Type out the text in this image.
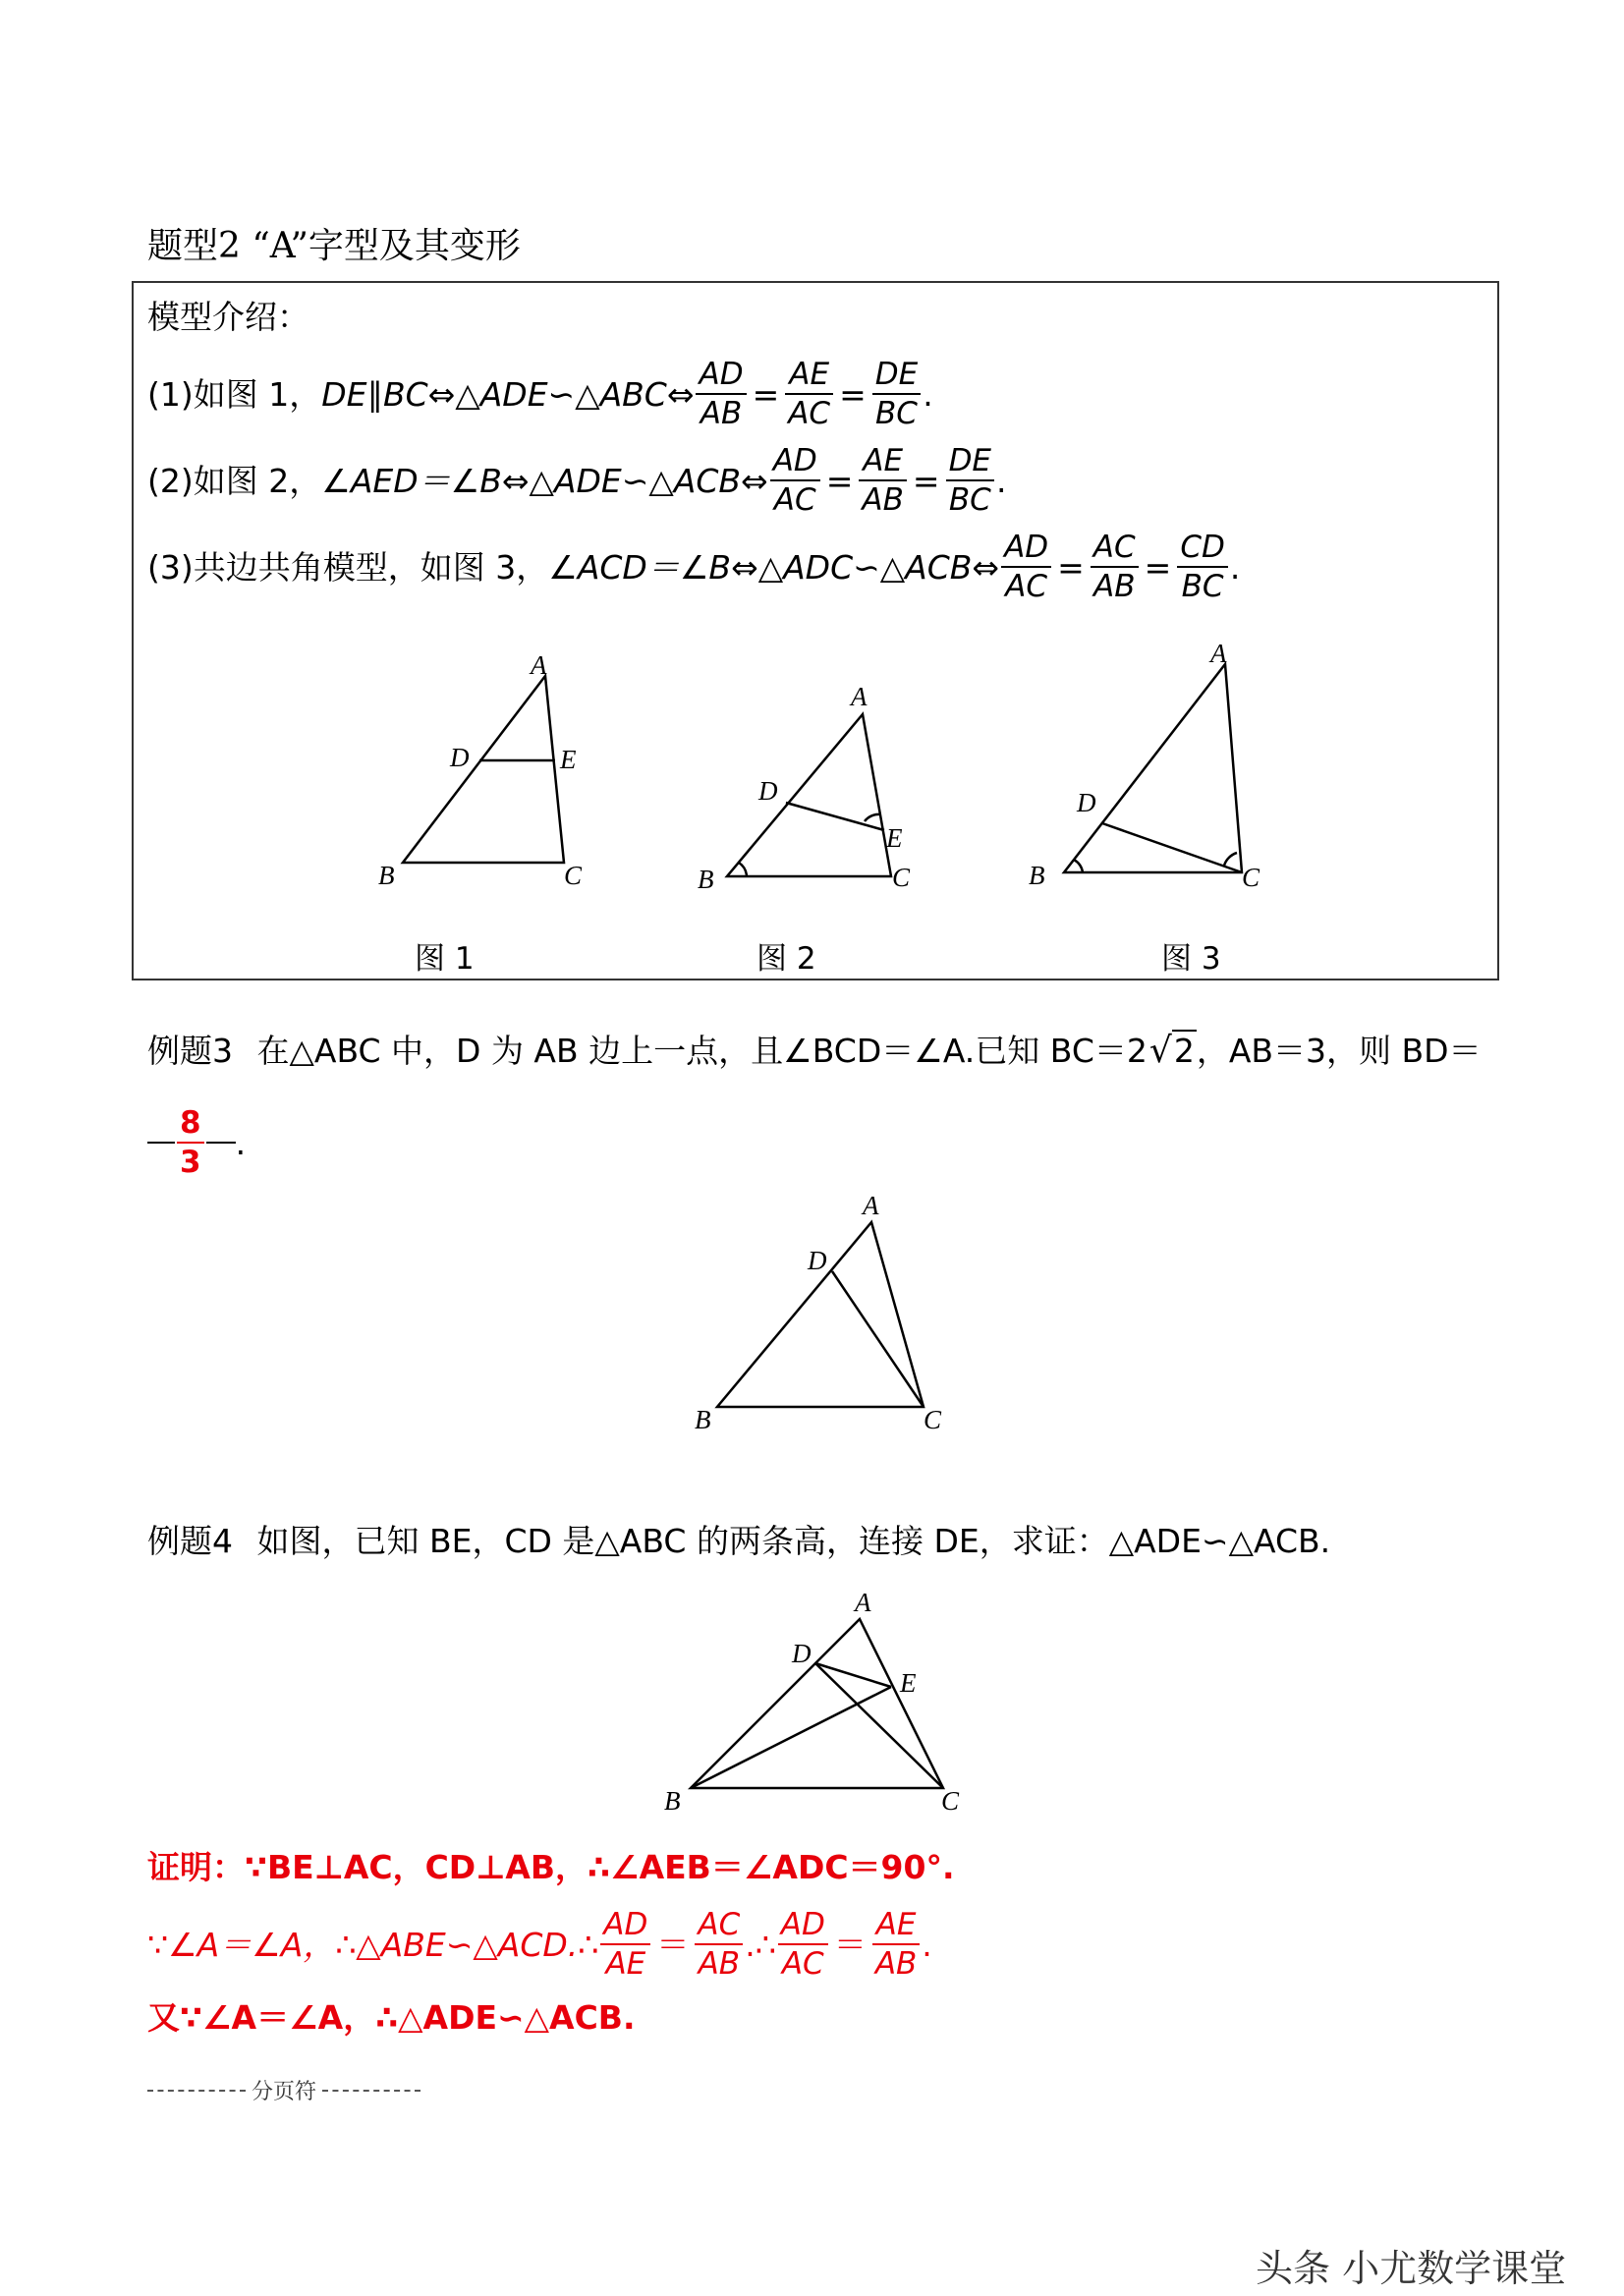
题型2 “A”字型及其变形
模型介绍：
(1)如图 1， DE∥BC⇔△ADE∽△ABC⇔ $\frac{AD}{AB} = \frac{AE}{AC} = \frac{DE}{BC}$ .
(2)如图 2， ∠AED＝∠B⇔△ADE∽△ACB⇔ $\frac{AD}{AC} = \frac{AE}{AB} = \frac{DE}{BC}$ .
(3)共边共角模型，如图 3， ∠ACD＝∠B⇔△ADC∽△ACB⇔ $\frac{AD}{AC} = \frac{AC}{AB} = \frac{CD}{BC}$ .
A
D	E
B	C
A
D
E
B	C
A
D
B	C
图 1	图 2	图 3
例题3 在△ABC 中，D 为 AB 边上一点，且∠BCD＝∠A.已知 BC＝2√2，AB＝3，则 BD＝
$\frac{8}{3}$ .
A
D
B	C
例题4 如图，已知 BE，CD 是△ABC 的两条高，连接 DE，求证：△ADE∽△ACB.
A
D
E
B	C
证明：∵BE⊥AC，CD⊥AB，∴∠AEB＝∠ADC＝90°.
∵∠A＝∠A，∴△ABE∽△ACD.∴ $\frac{AD}{AE} = \frac{AC}{AB}$ .∴ $\frac{AD}{AC} = \frac{AE}{AB}$ .
又∵∠A＝∠A，∴△ADE∽△ACB.
分页符
头条 小尤数学课堂
